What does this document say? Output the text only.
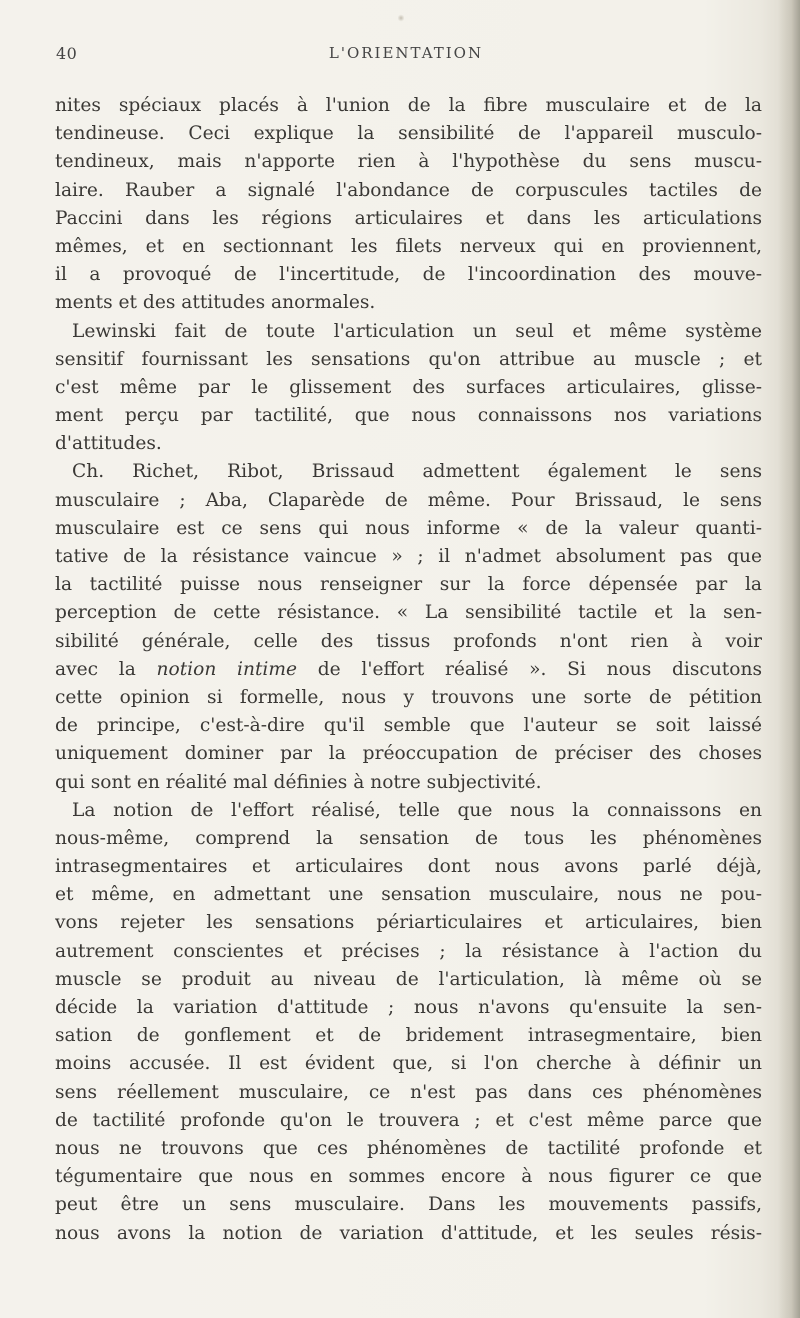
40	L'ORIENTATION
nites spéciaux placés à l'union de la fibre musculaire et de la
tendineuse. Ceci explique la sensibilité de l'appareil musculo-
tendineux, mais n'apporte rien à l'hypothèse du sens muscu-
laire. Rauber a signalé l'abondance de corpuscules tactiles de
Paccini dans les régions articulaires et dans les articulations
mêmes, et en sectionnant les filets nerveux qui en proviennent,
il a provoqué de l'incertitude, de l'incoordination des mouve-
ments et des attitudes anormales.
Lewinski fait de toute l'articulation un seul et même système
sensitif fournissant les sensations qu'on attribue au muscle ; et
c'est même par le glissement des surfaces articulaires, glisse-
ment perçu par tactilité, que nous connaissons nos variations
d'attitudes.
Ch. Richet, Ribot, Brissaud admettent également le sens
musculaire ; Aba, Claparède de même. Pour Brissaud, le sens
musculaire est ce sens qui nous informe « de la valeur quanti-
tative de la résistance vaincue » ; il n'admet absolument pas que
la tactilité puisse nous renseigner sur la force dépensée par la
perception de cette résistance. « La sensibilité tactile et la sen-
sibilité générale, celle des tissus profonds n'ont rien à voir
avec la notion intime de l'effort réalisé ». Si nous discutons
cette opinion si formelle, nous y trouvons une sorte de pétition
de principe, c'est-à-dire qu'il semble que l'auteur se soit laissé
uniquement dominer par la préoccupation de préciser des choses
qui sont en réalité mal définies à notre subjectivité.
La notion de l'effort réalisé, telle que nous la connaissons en
nous-même, comprend la sensation de tous les phénomènes
intrasegmentaires et articulaires dont nous avons parlé déjà,
et même, en admettant une sensation musculaire, nous ne pou-
vons rejeter les sensations périarticulaires et articulaires, bien
autrement conscientes et précises ; la résistance à l'action du
muscle se produit au niveau de l'articulation, là même où se
décide la variation d'attitude ; nous n'avons qu'ensuite la sen-
sation de gonflement et de bridement intrasegmentaire, bien
moins accusée. Il est évident que, si l'on cherche à définir un
sens réellement musculaire, ce n'est pas dans ces phénomènes
de tactilité profonde qu'on le trouvera ; et c'est même parce que
nous ne trouvons que ces phénomènes de tactilité profonde et
tégumentaire que nous en sommes encore à nous figurer ce que
peut être un sens musculaire. Dans les mouvements passifs,
nous avons la notion de variation d'attitude, et les seules résis-
